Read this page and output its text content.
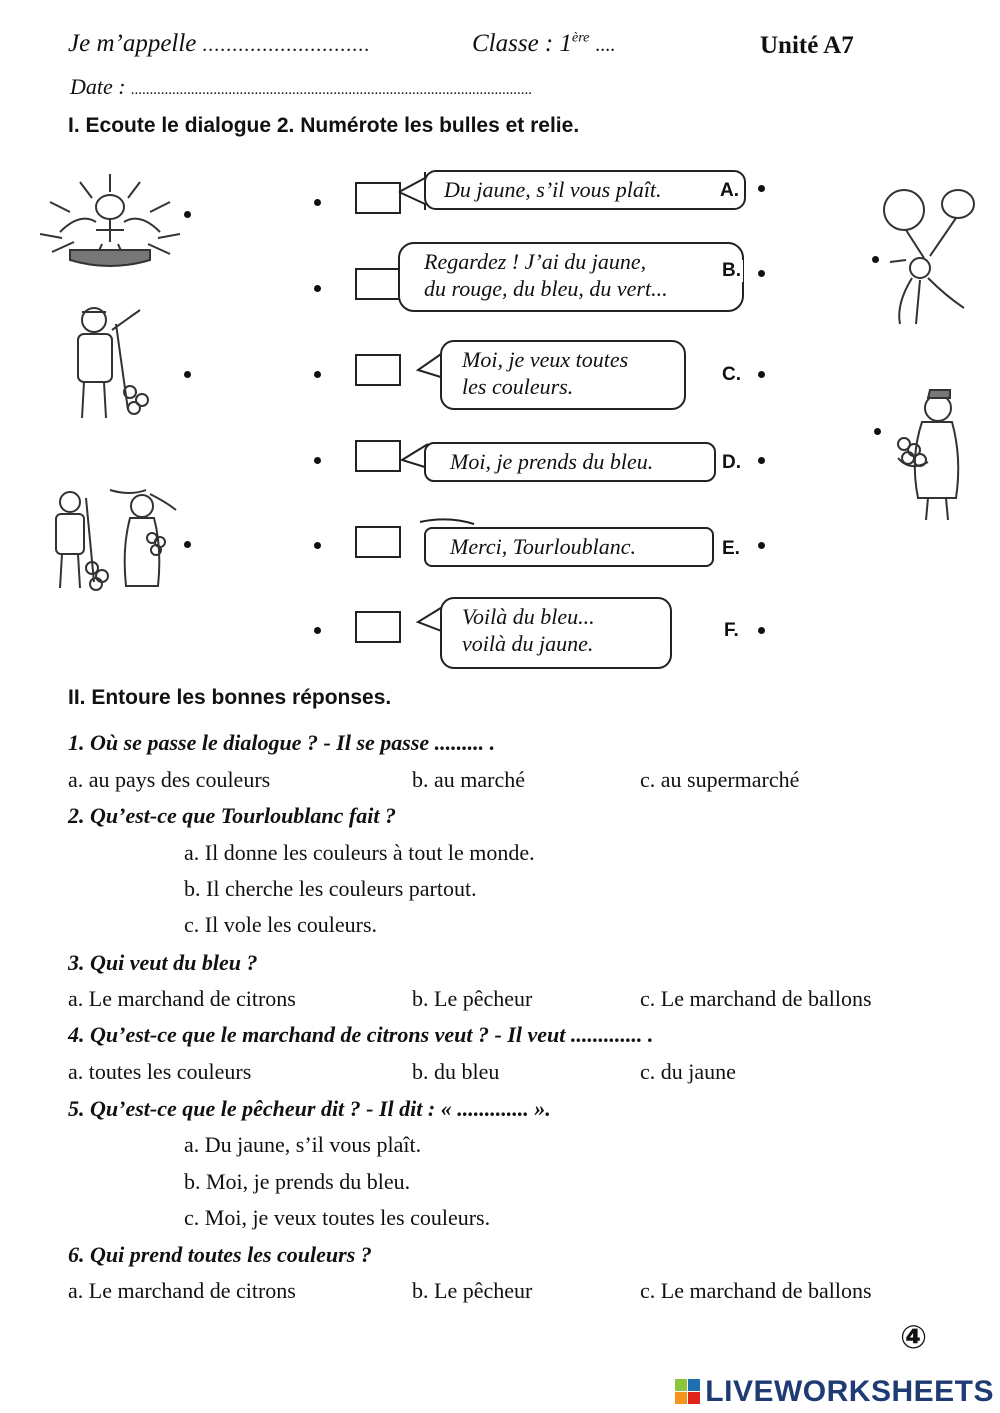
Je m’appelle ............................	Classe : 1ère ....	Unité A7
Date : ...........................................................................................................
I. Ecoute le dialogue 2. Numérote les bulles et relie.
Du jaune, s’il vous plaît.	A.
Regardez ! J’ai du jaune,
du rouge, du bleu, du vert...
B.
Moi, je veux toutes
les couleurs.	C.
Moi, je prends du bleu.	D.
Merci, Tourloublanc.	E.
Voilà du bleu...
voilà du jaune.
F.
II. Entoure les bonnes réponses.
1. Où se passe le dialogue ? - Il se passe ......... .
a. au pays des couleurs	b. au marché	c. au supermarché
2. Qu’est-ce que Tourloublanc fait ?
a. Il donne les couleurs à tout le monde.
b. Il cherche les couleurs partout.
c. Il vole les couleurs.
3. Qui veut du bleu ?
a. Le marchand de citrons	b. Le pêcheur	c. Le marchand de ballons
4. Qu’est-ce que le marchand de citrons veut ? - Il veut ............. .
a. toutes les couleurs	b. du bleu	c. du jaune
5. Qu’est-ce que le pêcheur dit ? - Il dit : « ............. ».
a. Du jaune, s’il vous plaît.
b. Moi, je prends du bleu.
c. Moi, je veux toutes les couleurs.
6. Qui prend toutes les couleurs ?
a. Le marchand de citrons	b. Le pêcheur	c. Le marchand de ballons
④
LIVEWORKSHEETS
